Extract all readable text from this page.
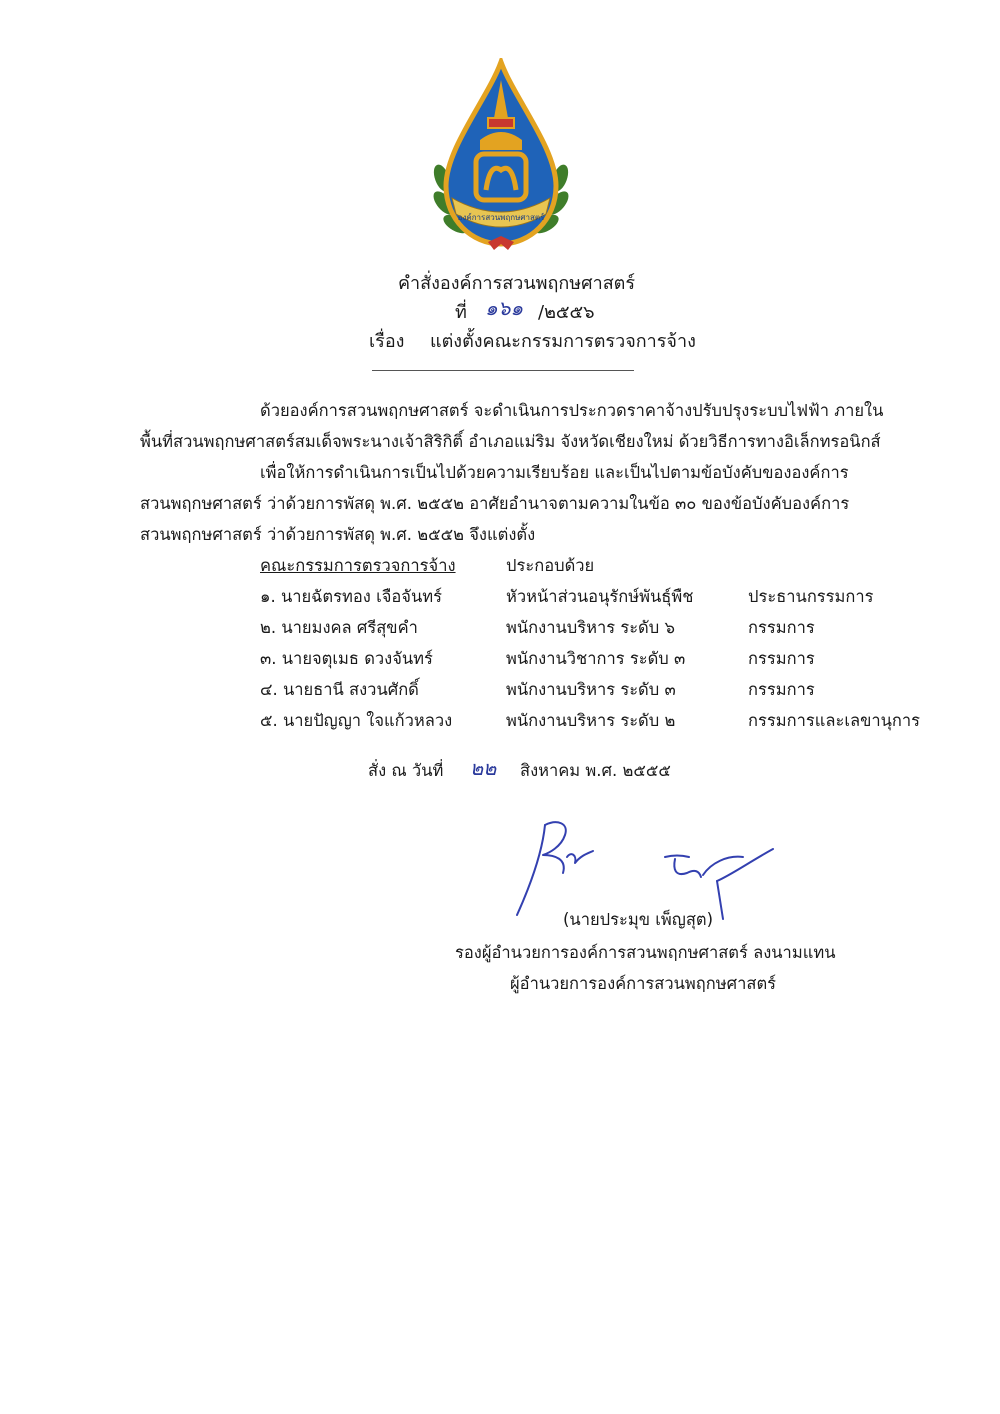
องค์การสวนพฤกษศาสตร์
คำสั่งองค์การสวนพฤกษศาสตร์
ที่ ๑๖๑ /๒๕๕๖
เรื่อง แต่งตั้งคณะกรรมการตรวจการจ้าง
ด้วยองค์การสวนพฤกษศาสตร์ จะดำเนินการประกวดราคาจ้างปรับปรุงระบบไฟฟ้า ภายใน
พื้นที่สวนพฤกษศาสตร์สมเด็จพระนางเจ้าสิริกิติ์ อำเภอแม่ริม จังหวัดเชียงใหม่ ด้วยวิธีการทางอิเล็กทรอนิกส์
เพื่อให้การดำเนินการเป็นไปด้วยความเรียบร้อย และเป็นไปตามข้อบังคับขององค์การ
สวนพฤกษศาสตร์ ว่าด้วยการพัสดุ พ.ศ. ๒๕๕๒ อาศัยอำนาจตามความในข้อ ๓๐ ของข้อบังคับองค์การ
สวนพฤกษศาสตร์ ว่าด้วยการพัสดุ พ.ศ. ๒๕๕๒ จึงแต่งตั้ง
คณะกรรมการตรวจการจ้าง	ประกอบด้วย
๑. นายฉัตรทอง เจือจันทร์	หัวหน้าส่วนอนุรักษ์พันธุ์พืช	ประธานกรรมการ
๒. นายมงคล ศรีสุขคำ	พนักงานบริหาร ระดับ ๖	กรรมการ
๓. นายจตุเมธ ดวงจันทร์	พนักงานวิชาการ ระดับ ๓	กรรมการ
๔. นายธานี สงวนศักดิ์	พนักงานบริหาร ระดับ ๓	กรรมการ
๕. นายปัญญา ใจแก้วหลวง	พนักงานบริหาร ระดับ ๒	กรรมการและเลขานุการ
สั่ง ณ วันที่ ๒๒ สิงหาคม พ.ศ. ๒๕๕๕
(นายประมุข เพ็ญสุต)
รองผู้อำนวยการองค์การสวนพฤกษศาสตร์ ลงนามแทน
ผู้อำนวยการองค์การสวนพฤกษศาสตร์
